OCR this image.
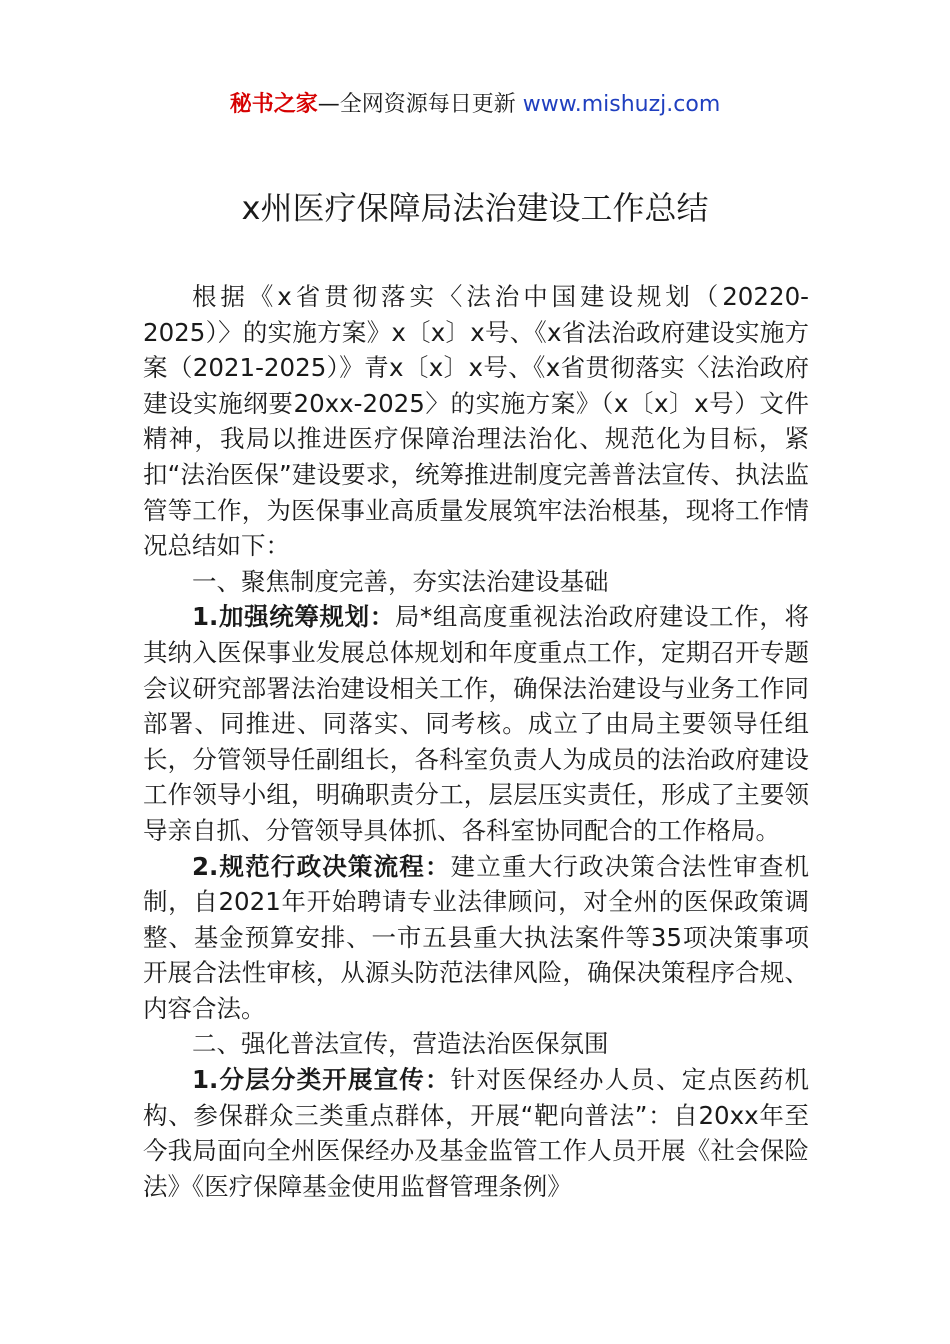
秘书之家—全网资源每日更新 www.mishuzj.com
x州医疗保障局法治建设工作总结

根据《x省贯彻落实〈法治中国建设规划（20220-2025）〉的实施方案》x〔x〕x号、《x省法治政府建设实施方案（2021-2025）》青x〔x〕x号、《x省贯彻落实〈法治政府建设实施纲要20xx-2025〉的实施方案》（x〔x〕x号）文件精神，我局以推进医疗保障治理法治化、规范化为目标，紧扣“法治医保”建设要求，统筹推进制度完善普法宣传、执法监管等工作，为医保事业高质量发展筑牢法治根基，现将工作情况总结如下：

一、聚焦制度完善，夯实法治建设基础

1.加强统筹规划：局*组高度重视法治政府建设工作，将其纳入医保事业发展总体规划和年度重点工作，定期召开专题会议研究部署法治建设相关工作，确保法治建设与业务工作同部署、同推进、同落实、同考核。成立了由局主要领导任组长，分管领导任副组长，各科室负责人为成员的法治政府建设工作领导小组，明确职责分工，层层压实责任，形成了主要领导亲自抓、分管领导具体抓、各科室协同配合的工作格局。

2.规范行政决策流程：建立重大行政决策合法性审查机制，自2021年开始聘请专业法律顾问，对全州的医保政策调整、基金预算安排、一市五县重大执法案件等35项决策事项开展合法性审核，从源头防范法律风险，确保决策程序合规、内容合法。

二、强化普法宣传，营造法治医保氛围

1.分层分类开展宣传：针对医保经办人员、定点医药机构、参保群众三类重点群体，开展“靶向普法”：自20xx年至今我局面向全州医保经办及基金监管工作人员开展《社会保险法》《医疗保障基金使用监督管理条例》
